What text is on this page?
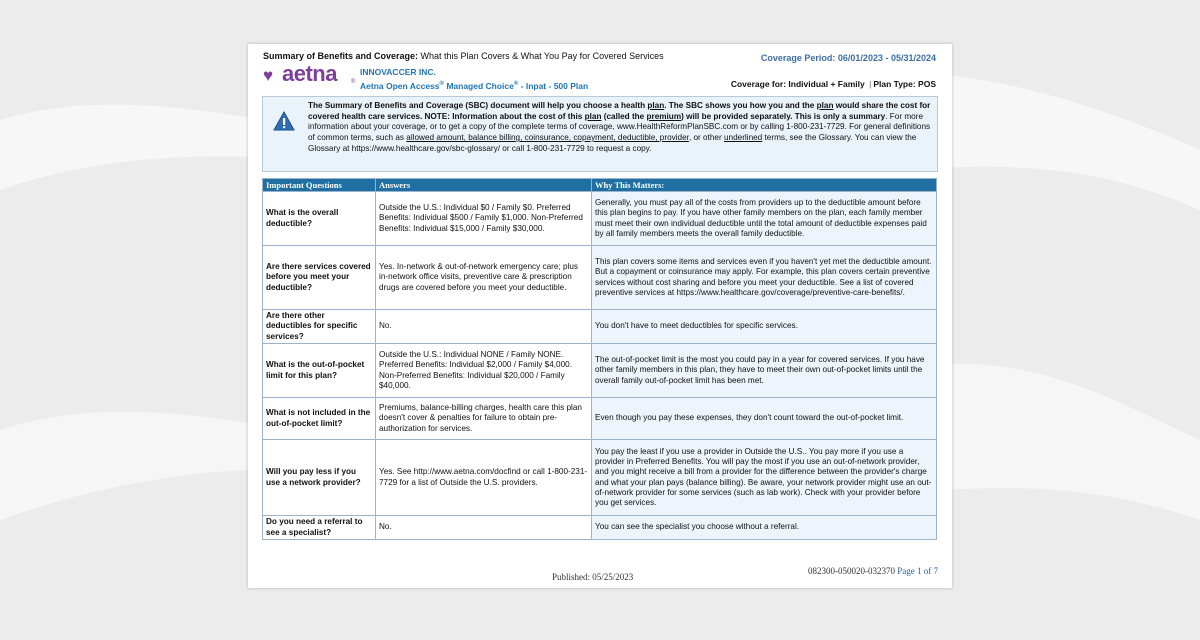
Summary of Benefits and Coverage: What this Plan Covers & What You Pay for Covered Services	Coverage Period: 06/01/2023 - 05/31/2024
♥ aetna ®
INNOVACCER INC.
Aetna Open Access® Managed Choice® - Inpat - 500 Plan	Coverage for: Individual + Family | Plan Type: POS
The Summary of Benefits and Coverage (SBC) document will help you choose a health plan. The SBC shows you how you and the plan would share the cost for covered health care services. NOTE: Information about the cost of this plan (called the premium) will be provided separately. This is only a summary. For more information about your coverage, or to get a copy of the complete terms of coverage, www.HealthReformPlanSBC.com or by calling 1-800-231-7729. For general definitions of common terms, such as allowed amount, balance billing, coinsurance, copayment, deductible, provider, or other underlined terms, see the Glossary. You can view the Glossary at https://www.healthcare.gov/sbc-glossary/ or call 1-800-231-7729 to request a copy.
Important Questions	Answers	Why This Matters:
What is the overall deductible?	Outside the U.S.: Individual $0 / Family $0. Preferred Benefits: Individual $500 / Family $1,000. Non-Preferred Benefits: Individual $15,000 / Family $30,000.	Generally, you must pay all of the costs from providers up to the deductible amount before this plan begins to pay. If you have other family members on the plan, each family member must meet their own individual deductible until the total amount of deductible expenses paid by all family members meets the overall family deductible.
Are there services covered before you meet your deductible?	Yes. In-network & out-of-network emergency care; plus in-network office visits, preventive care & prescription drugs are covered before you meet your deductible.	This plan covers some items and services even if you haven't yet met the deductible amount. But a copayment or coinsurance may apply. For example, this plan covers certain preventive services without cost sharing and before you meet your deductible. See a list of covered preventive services at https://www.healthcare.gov/coverage/preventive-care-benefits/.
Are there other deductibles for specific services?	No.	You don't have to meet deductibles for specific services.
What is the out-of-pocket limit for this plan?	Outside the U.S.: Individual NONE / Family NONE. Preferred Benefits: Individual $2,000 / Family $4,000. Non-Preferred Benefits: Individual $20,000 / Family $40,000.	The out-of-pocket limit is the most you could pay in a year for covered services. If you have other family members in this plan, they have to meet their own out-of-pocket limits until the overall family out-of-pocket limit has been met.
What is not included in the out-of-pocket limit?	Premiums, balance-billing charges, health care this plan doesn't cover & penalties for failure to obtain pre-authorization for services.	Even though you pay these expenses, they don't count toward the out-of-pocket limit.
Will you pay less if you use a network provider?	Yes. See http://www.aetna.com/docfind or call 1-800-231-7729 for a list of Outside the U.S. providers.	You pay the least if you use a provider in Outside the U.S.. You pay more if you use a provider in Preferred Benefits. You will pay the most if you use an out-of-network provider, and you might receive a bill from a provider for the difference between the provider's charge and what your plan pays (balance billing). Be aware, your network provider might use an out-of-network provider for some services (such as lab work). Check with your provider before you get services.
Do you need a referral to see a specialist?	No.	You can see the specialist you choose without a referral.
Published: 05/25/2023
082300-050020-032370 Page 1 of 7
